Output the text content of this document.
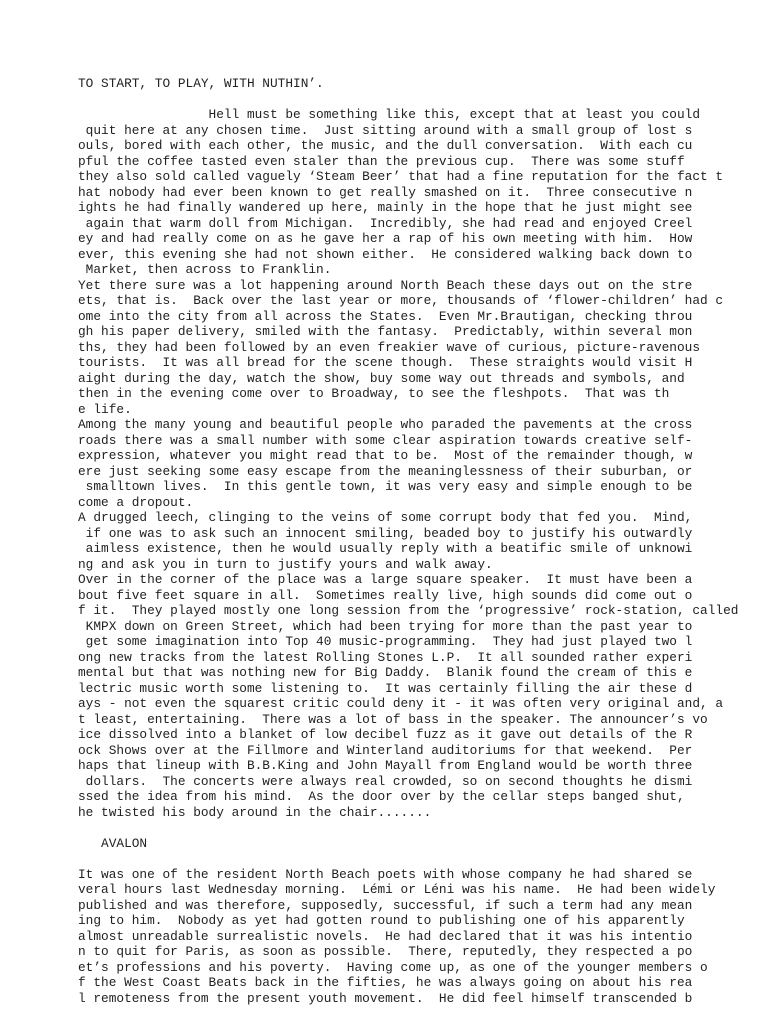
TO START, TO PLAY, WITH NUTHIN’.
Hell must be something like this, except that at least you could
quit here at any chosen time.  Just sitting around with a small group of lost s
ouls, bored with each other, the music, and the dull conversation.  With each cu
pful the coffee tasted even staler than the previous cup.  There was some stuff
they also sold called vaguely ‘Steam Beer’ that had a fine reputation for the fact t
hat nobody had ever been known to get really smashed on it.  Three consecutive n
ights he had finally wandered up here, mainly in the hope that he just might see
again that warm doll from Michigan.  Incredibly, she had read and enjoyed Creel
ey and had really come on as he gave her a rap of his own meeting with him.  How
ever, this evening she had not shown either.  He considered walking back down to
Market, then across to Franklin.
Yet there sure was a lot happening around North Beach these days out on the stre
ets, that is.  Back over the last year or more, thousands of ‘flower-children’ had c
ome into the city from all across the States.  Even Mr.Brautigan, checking throu
gh his paper delivery, smiled with the fantasy.  Predictably, within several mon
ths, they had been followed by an even freakier wave of curious, picture-ravenous
tourists.  It was all bread for the scene though.  These straights would visit H
aight during the day, watch the show, buy some way out threads and symbols, and
then in the evening come over to Broadway, to see the fleshpots.  That was th
e life.
Among the many young and beautiful people who paraded the pavements at the cross
roads there was a small number with some clear aspiration towards creative self-
expression, whatever you might read that to be.  Most of the remainder though, w
ere just seeking some easy escape from the meaninglessness of their suburban, or
smalltown lives.  In this gentle town, it was very easy and simple enough to be
come a dropout.
A drugged leech, clinging to the veins of some corrupt body that fed you.  Mind,
if one was to ask such an innocent smiling, beaded boy to justify his outwardly
aimless existence, then he would usually reply with a beatific smile of unknowi
ng and ask you in turn to justify yours and walk away.
Over in the corner of the place was a large square speaker.  It must have been a
bout five feet square in all.  Sometimes really live, high sounds did come out o
f it.  They played mostly one long session from the ‘progressive’ rock-station, called
KMPX down on Green Street, which had been trying for more than the past year to
get some imagination into Top 40 music-programming.  They had just played two l
ong new tracks from the latest Rolling Stones L.P.  It all sounded rather experi
mental but that was nothing new for Big Daddy.  Blanik found the cream of this e
lectric music worth some listening to.  It was certainly filling the air these d
ays - not even the squarest critic could deny it - it was often very original and, a
t least, entertaining.  There was a lot of bass in the speaker. The announcer’s vo
ice dissolved into a blanket of low decibel fuzz as it gave out details of the R
ock Shows over at the Fillmore and Winterland auditoriums for that weekend.  Per
haps that lineup with B.B.King and John Mayall from England would be worth three
dollars.  The concerts were always real crowded, so on second thoughts he dismi
ssed the idea from his mind.  As the door over by the cellar steps banged shut,
he twisted his body around in the chair.......
AVALON
It was one of the resident North Beach poets with whose company he had shared se
veral hours last Wednesday morning.  Lémi or Léni was his name.  He had been widely
published and was therefore, supposedly, successful, if such a term had any mean
ing to him.  Nobody as yet had gotten round to publishing one of his apparently
almost unreadable surrealistic novels.  He had declared that it was his intentio
n to quit for Paris, as soon as possible.  There, reputedly, they respected a po
et’s professions and his poverty.  Having come up, as one of the younger members o
f the West Coast Beats back in the fifties, he was always going on about his rea
l remoteness from the present youth movement.  He did feel himself transcended b
